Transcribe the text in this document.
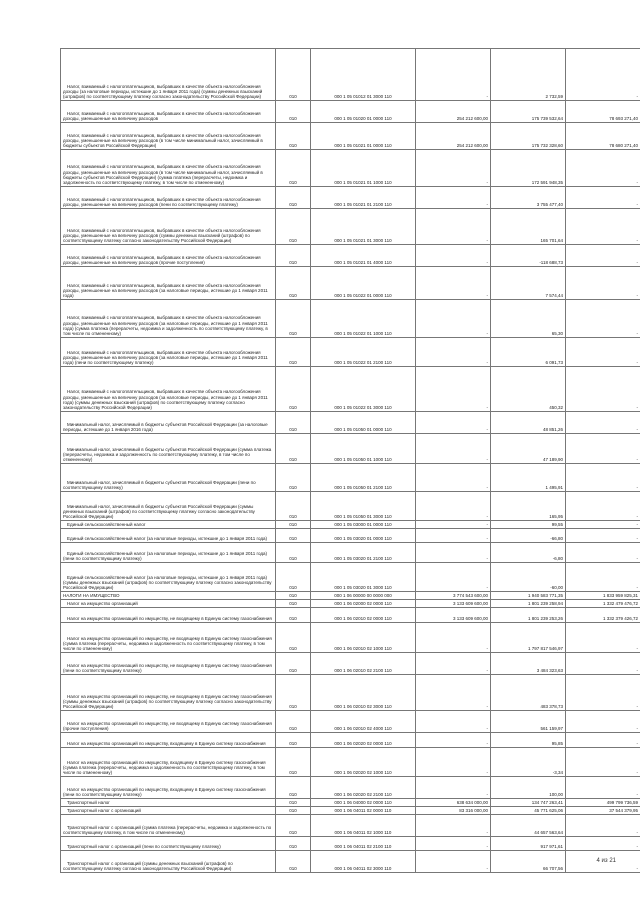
Налог, взимаемый с налогоплательщиков, выбравших в качестве объекта налогообложения доходы (за налоговые периоды, истекшие до 1 января 2011 года) (суммы денежных взысканий (штрафов) по соответствующему платежу согласно законодательству Российской Федерации)	010	000 1 05 01012 01 3000 110	-	2 732,59	-
Налог, взимаемый с налогоплательщиков, выбравших в качестве объекта налогообложения доходы, уменьшенные на величину расходов	010	000 1 05 01020 01 0000 110	254 212 600,00	175 739 532,64	78 693 271,40
Налог, взимаемый с налогоплательщиков, выбравших в качестве объекта налогообложения доходы, уменьшенные на величину расходов (в том числе минимальный налог, зачисляемый в бюджеты субъектов Российской Федерации)	010	000 1 05 01021 01 0000 110	254 212 600,00	175 732 328,60	78 680 271,40
Налог, взимаемый с налогоплательщиков, выбравших в качестве объекта налогообложения доходы, уменьшенные на величину расходов (в том числе минимальный налог, зачисляемый в бюджеты субъектов Российской Федерации) (сумма платежа (перерасчеты, недоимка и задолженность по соответствующему платежу, в том числе по отмененному)	010	000 1 05 01021 01 1000 110	-	172 591 948,35	-
Налог, взимаемый с налогоплательщиков, выбравших в качестве объекта налогообложения доходы, уменьшенные на величину расходов (пени по соответствующему платежу)	010	000 1 05 01021 01 2100 110	-	3 755 477,40	-
Налог, взимаемый с налогоплательщиков, выбравших в качестве объекта налогообложения доходы, уменьшенные на величину расходов (суммы денежных взысканий (штрафов) по соответствующему платежу согласно законодательству Российской Федерации)	010	000 1 05 01021 01 3000 110	-	165 701,64	-
Налог, взимаемый с налогоплательщиков, выбравших в качестве объекта налогообложения доходы, уменьшенные на величину расходов (прочие поступления)	010	000 1 05 01021 01 4000 110	-	-118 688,73	-
Налог, взимаемый с налогоплательщиков, выбравших в качестве объекта налогообложения доходы, уменьшенные на величину расходов (за налоговые периоды, истекшие до 1 января 2011 года)	010	000 1 05 01022 01 0000 110	-	7 574,44	-
Налог, взимаемый с налогоплательщиков, выбравших в качестве объекта налогообложения доходы, уменьшенные на величину расходов (за налоговые периоды, истекшие до 1 января 2011 года) (сумма платежа (перерасчеты, недоимка и задолженность по соответствующему платежу, в том числе по отмененному)	010	000 1 05 01022 01 1000 110	-	65,30	-
Налог, взимаемый с налогоплательщиков, выбравших в качестве объекта налогообложения доходы, уменьшенные на величину расходов (за налоговые периоды, истекшие до 1 января 2011 года) (пени по соответствующему платежу)	010	000 1 05 01022 01 2100 110	-	6 091,73	-
Налог, взимаемый с налогоплательщиков, выбравших в качестве объекта налогообложения доходы, уменьшенные на величину расходов (за налоговые периоды, истекшие до 1 января 2011 года) (суммы денежных взысканий (штрафов) по соответствующему платежу согласно законодательству Российской Федерации)	010	000 1 05 01022 01 3000 110	-	450,32	-
Минимальный налог, зачисляемый в бюджеты субъектов Российской Федерации (за налоговые периоды, истекшие до 1 января 2016 года)	010	000 1 05 01050 01 0000 110	-	48 851,26	-
Минимальный налог, зачисляемый в бюджеты субъектов Российской Федерации (сумма платежа (перерасчеты, недоимка и задолженность по соответствующему платежу, в том числе по отмененному)	010	000 1 05 01050 01 1000 110	-	47 189,90	-
Минимальный налог, зачисляемый в бюджеты субъектов Российской Федерации (пени по соответствующему платежу)	010	000 1 05 01050 01 2100 110	-	1 495,91	-
Минимальный налог, зачисляемый в бюджеты субъектов Российской Федерации (суммы денежных взысканий (штрафов) по соответствующему платежу согласно законодательству Российской Федерации)	010	000 1 05 01050 01 3000 110	-	165,95	-
Единый сельскохозяйственный налог	010	000 1 05 03000 01 0000 110	-	99,55	-
Единый сельскохозяйственный налог (за налоговые периоды, истекшие до 1 января 2011 года)	010	000 1 05 03020 01 0000 110	-	-66,80	-
Единый сельскохозяйственный налог (за налоговые периоды, истекшие до 1 января 2011 года) (пени по соответствующему платежу)	010	000 1 05 03020 01 2100 110	-	-6,80	-
Единый сельскохозяйственный налог (за налоговые периоды, истекшие до 1 января 2011 года) (суммы денежных взысканий (штрафов) по соответствующему платежу согласно законодательству Российской Федерации)	010	000 1 05 03020 01 3000 110	-	-60,00	-
НАЛОГИ НА ИМУЩЕСТВО	010	000 1 06 00000 00 0000 000	3 774 543 600,00	1 940 583 771,35	1 833 959 825,31
Налог на имущество организаций	010	000 1 06 02000 02 0000 110	3 133 609 600,00	1 801 239 258,94	1 332 479 476,72
Налог на имущество организаций по имуществу, не входящему в Единую систему газоснабжения	010	000 1 06 02010 02 0000 110	3 133 609 600,00	1 801 239 253,26	1 332 379 426,72
Налог на имущество организаций по имуществу, не входящему в Единую систему газоснабжения (сумма платежа (перерасчеты, недоимка и задолженность по соответствующему платежу, в том числе по отмененному)	010	000 1 06 02010 02 1000 110	-	1 797 817 546,97	-
Налог на имущество организаций по имуществу, не входящему в Единую систему газоснабжения (пени по соответствующему платежу)	010	000 1 06 02010 02 2100 110	-	3 484 323,63	-
Налог на имущество организаций по имуществу, не входящему в Единую систему газоснабжения (суммы денежных взысканий (штрафов) по соответствующему платежу согласно законодательству Российской Федерации)	010	000 1 06 02010 02 3000 110	-	483 378,73	-
Налог на имущество организаций по имуществу, не входящему в Единую систему газоснабжения (прочие поступления)	010	000 1 06 02010 02 4000 110	-	561 159,97	-
Налог на имущество организаций по имуществу, входящему в Единую систему газоснабжения	010	000 1 06 02020 02 0000 110	-	95,85	-
Налог на имущество организаций по имуществу, входящему в Единую систему газоснабжения (сумма платежа (перерасчеты, недоимка и задолженность по соответствующему платежу, в том числе по отмененному)	010	000 1 06 02020 02 1000 110	-	-3,34	-
Налог на имущество организаций по имуществу, входящему в Единую систему газоснабжения (пени по соответствующему платежу)	010	000 1 06 02020 02 2100 110	-	100,00	-
Транспортный налог	010	000 1 06 04000 02 0000 110	638 634 000,00	134 747 263,41	499 799 736,59
Транспортный налог с организаций	010	000 1 06 04011 02 0000 110	83 316 000,00	45 771 625,06	37 544 379,95
Транспортный налог с организаций (сумма платежа (перерасчеты, недоимка и задолженность по соответствующему платежу, в том числе по отмененному)	010	000 1 06 04011 02 1000 110	-	44 657 563,64	-
Транспортный налог с организаций (пени по соответствующему платежу)	010	000 1 06 04011 02 2100 110	-	917 971,61	-
Транспортный налог с организаций (суммы денежных взысканий (штрафов) по соответствующему платежу согласно законодательству Российской Федерации)	010	000 1 06 04011 02 3000 110	-	66 707,56	-
4 из 21
